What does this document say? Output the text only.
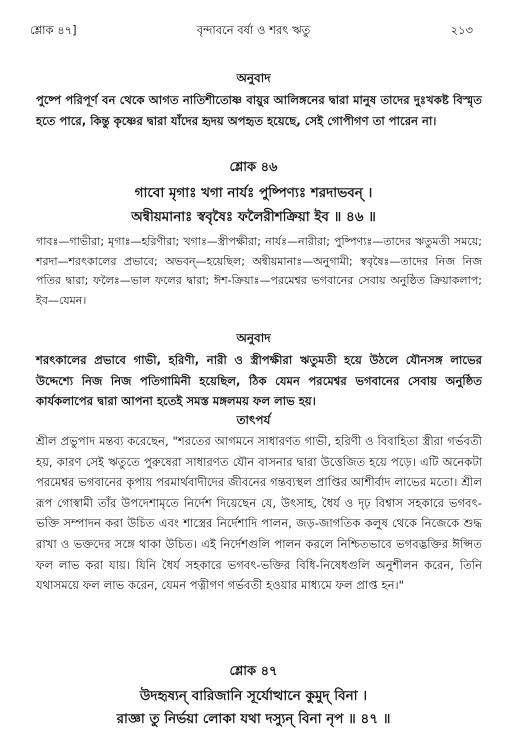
শ্লোক ৪৭]	বৃন্দাবনে বর্ষা ও শরৎ ঋতু	২১৩
অনুবাদ

পুষ্পে পরিপূর্ণ বন থেকে আগত নাতিশীতোষ্ণ বায়ুর আলিঙ্গনের দ্বারা মানুষ তাদের দুঃখকষ্ট বিস্মৃত হতে পারে, কিন্তু কৃষ্ণের দ্বারা যাঁদের হৃদয় অপহৃত হয়েছে, সেই গোপীগণ তা পারেন না।

শ্লোক ৪৬
গাবো মৃগাঃ খগা নার্যঃ পুষ্পিণ্যঃ শরদাভবন্ ।
অন্বীয়মানাঃ স্ববৃষৈঃ ফলৈরীশক্রিয়া ইব ॥ ৪৬ ॥

গাবঃ—গাভীরা; মৃগাঃ—হরিণীরা; খগাঃ—স্ত্রীপক্ষীরা; নার্যঃ—নারীরা; পুষ্পিণ্যঃ—তাদের ঋতুমতী সময়ে; শরদা—শরৎকালের প্রভাবে; অভবন্—হয়েছিল; অন্বীয়মানাঃ—অনুগামী; স্ববৃষৈঃ—তাদের নিজ নিজ পতির দ্বারা; ফলৈঃ—ভাল ফলের দ্বারা; ঈশ-ক্রিয়াঃ—পরমেশ্বর ভগবানের সেবায় অনুষ্ঠিত ক্রিয়াকলাপ; ইব—যেমন।

অনুবাদ

শরৎকালের প্রভাবে গাভী, হরিণী, নারী ও স্ত্রীপক্ষীরা ঋতুমতী হয়ে উঠলে যৌনসঙ্গ লাভের উদ্দেশ্যে নিজ নিজ পতিগামিনী হয়েছিল, ঠিক যেমন পরমেশ্বর ভগবানের সেবায় অনুষ্ঠিত কার্যকলাপের দ্বারা আপনা হতেই সমস্ত মঙ্গলময় ফল লাভ হয়।

তাৎপর্য

শ্রীল প্রভুপাদ মন্তব্য করেছেন, "শরতের আগমনে সাধারণত গাভী, হরিণী ও বিবাহিতা স্ত্রীরা গর্ভবতী হয়, কারণ সেই ঋতুতে পুরুষেরা সাধারণত যৌন বাসনার দ্বারা উত্তেজিত হয়ে পড়ে। এটি অনেকটা পরমেশ্বর ভগবানের কৃপায় পরমার্থবাদীদের জীবনের গন্তব্যস্থল প্রাপ্তির আশীর্বাদ লাভের মতো। শ্রীল রূপ গোস্বামী তাঁর উপদেশামৃতে নির্দেশ দিয়েছেন যে, উৎসাহ, ধৈর্য ও দৃঢ় বিশ্বাস সহকারে ভগবৎ-ভক্তি সম্পাদন করা উচিত এবং শাস্ত্রের নির্দেশাদি পালন, জড়-জাগতিক কলুষ থেকে নিজেকে শুদ্ধ রাখা ও ভক্তদের সঙ্গে থাকা উচিত। এই নির্দেশগুলি পালন করলে নিশ্চিতভাবে ভগবদ্ভক্তির ঈপ্সিত ফল লাভ করা যায়। যিনি ধৈর্য সহকারে ভগবৎ-ভক্তির বিধি-নিষেধগুলি অনুশীলন করেন, তিনি যথাসময়ে ফল লাভ করেন, যেমন পত্নীগণ গর্ভবতী হওয়ার মাধ্যমে ফল প্রাপ্ত হন।"

শ্লোক ৪৭
উদহৃষ্যন্ বারিজানি সূর্যোত্থানে কুমুদ্ বিনা ।
রাজ্ঞা তু নির্ভয়া লোকা যথা দস্যুন্ বিনা নৃপ ॥ ৪৭ ॥
